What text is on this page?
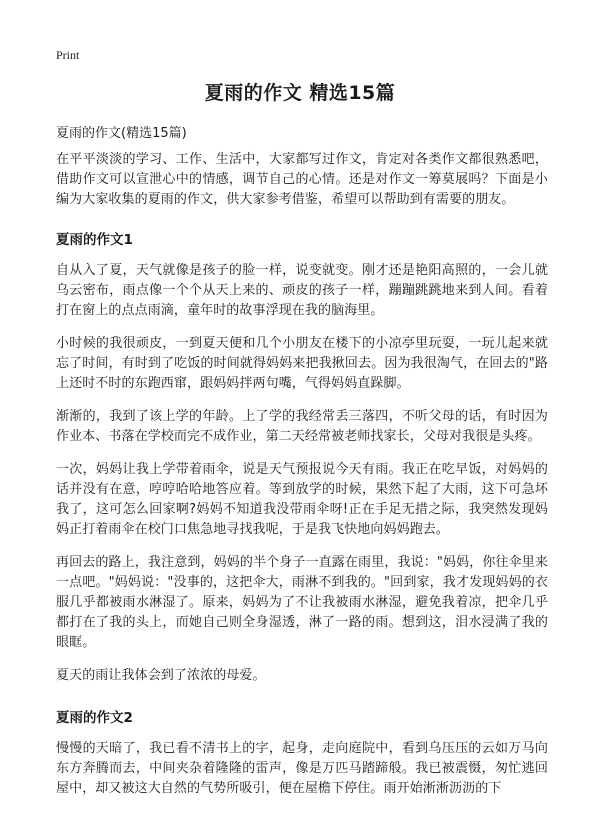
Print
夏雨的作文 精选15篇
夏雨的作文(精选15篇)

在平平淡淡的学习、工作、生活中，大家都写过作文，肯定对各类作文都很熟悉吧，借助作文可以宣泄心中的情感，调节自己的心情。还是对作文一筹莫展吗？下面是小编为大家收集的夏雨的作文，供大家参考借鉴，希望可以帮助到有需要的朋友。

夏雨的作文1

自从入了夏，天气就像是孩子的脸一样，说变就变。刚才还是艳阳高照的，一会儿就乌云密布，雨点像一个个从天上来的、顽皮的孩子一样，蹦蹦跳跳地来到人间。看着打在窗上的点点雨滴，童年时的故事浮现在我的脑海里。

小时候的我很顽皮，一到夏天便和几个小朋友在楼下的小凉亭里玩耍，一玩儿起来就忘了时间，有时到了吃饭的时间就得妈妈来把我揪回去。因为我很淘气，在回去的"路上还时不时的东跑西窜，跟妈妈拌两句嘴，气得妈妈直跺脚。

渐渐的，我到了该上学的年龄。上了学的我经常丢三落四，不听父母的话，有时因为作业本、书落在学校而完不成作业，第二天经常被老师找家长，父母对我很是头疼。

一次，妈妈让我上学带着雨伞，说是天气预报说今天有雨。我正在吃早饭，对妈妈的话并没有在意，哼哼哈哈地答应着。等到放学的时候，果然下起了大雨，这下可急坏我了，这可怎么回家啊?妈妈不知道我没带雨伞呀!正在手足无措之际，我突然发现妈妈正打着雨伞在校门口焦急地寻找我呢，于是我飞快地向妈妈跑去。

再回去的路上，我注意到，妈妈的半个身子一直露在雨里，我说："妈妈，你往伞里来一点吧。"妈妈说："没事的，这把伞大，雨淋不到我的。"回到家，我才发现妈妈的衣服几乎都被雨水淋湿了。原来，妈妈为了不让我被雨水淋湿，避免我着凉，把伞几乎都打在了我的头上，而她自己则全身湿透，淋了一路的雨。想到这，泪水浸满了我的眼眶。

夏天的雨让我体会到了浓浓的母爱。

夏雨的作文2

慢慢的天暗了，我已看不清书上的字，起身，走向庭院中，看到乌压压的云如万马向东方奔腾而去，中间夹杂着隆隆的雷声，像是万匹马踏蹄般。我已被震慑，匆忙逃回屋中，却又被这大自然的气势所吸引，便在屋檐下停住。雨开始淅淅沥沥的下
